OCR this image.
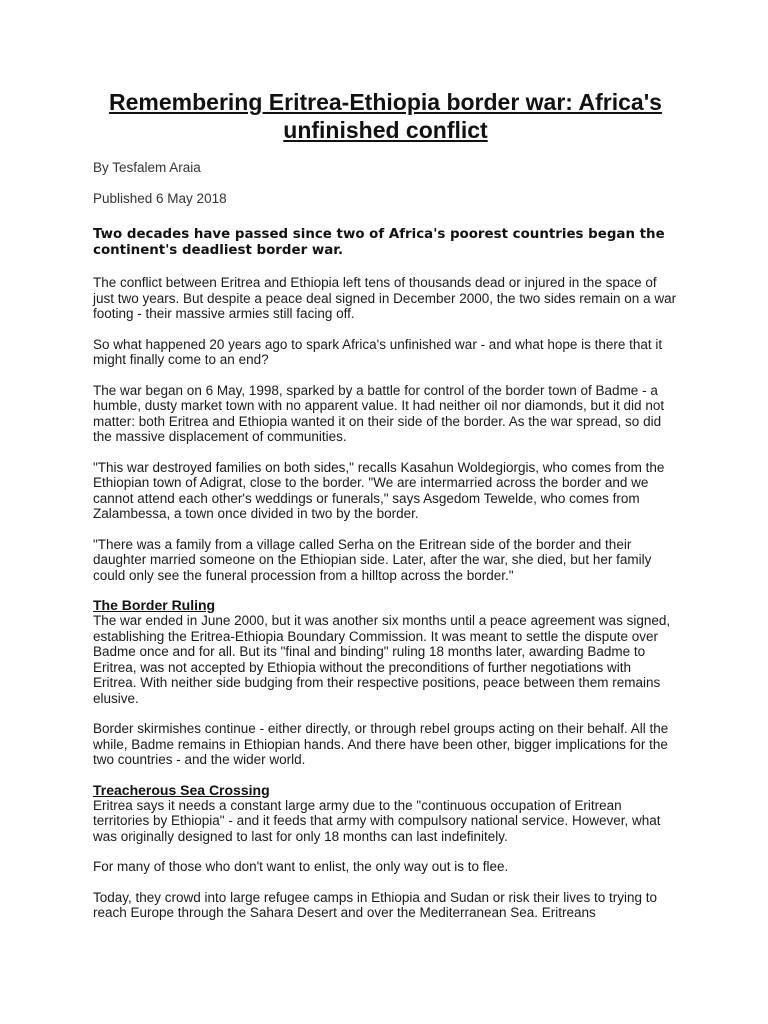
Remembering Eritrea-Ethiopia border war: Africa's unfinished conflict

By Tesfalem Araia

Published 6 May 2018

Two decades have passed since two of Africa's poorest countries began the continent's deadliest border war.

The conflict between Eritrea and Ethiopia left tens of thousands dead or injured in the space of just two years. But despite a peace deal signed in December 2000, the two sides remain on a war footing - their massive armies still facing off.

So what happened 20 years ago to spark Africa's unfinished war - and what hope is there that it might finally come to an end?

The war began on 6 May, 1998, sparked by a battle for control of the border town of Badme - a humble, dusty market town with no apparent value. It had neither oil nor diamonds, but it did not matter: both Eritrea and Ethiopia wanted it on their side of the border. As the war spread, so did the massive displacement of communities.

"This war destroyed families on both sides," recalls Kasahun Woldegiorgis, who comes from the Ethiopian town of Adigrat, close to the border. "We are intermarried across the border and we cannot attend each other's weddings or funerals," says Asgedom Tewelde, who comes from Zalambessa, a town once divided in two by the border.

"There was a family from a village called Serha on the Eritrean side of the border and their daughter married someone on the Ethiopian side. Later, after the war, she died, but her family could only see the funeral procession from a hilltop across the border."

The Border Ruling

The war ended in June 2000, but it was another six months until a peace agreement was signed, establishing the Eritrea-Ethiopia Boundary Commission. It was meant to settle the dispute over Badme once and for all. But its "final and binding" ruling 18 months later, awarding Badme to Eritrea, was not accepted by Ethiopia without the preconditions of further negotiations with Eritrea. With neither side budging from their respective positions, peace between them remains elusive.

Border skirmishes continue - either directly, or through rebel groups acting on their behalf. All the while, Badme remains in Ethiopian hands. And there have been other, bigger implications for the two countries - and the wider world.

Treacherous Sea Crossing

Eritrea says it needs a constant large army due to the "continuous occupation of Eritrean territories by Ethiopia" - and it feeds that army with compulsory national service. However, what was originally designed to last for only 18 months can last indefinitely.

For many of those who don't want to enlist, the only way out is to flee.

Today, they crowd into large refugee camps in Ethiopia and Sudan or risk their lives to trying to reach Europe through the Sahara Desert and over the Mediterranean Sea. Eritreans
